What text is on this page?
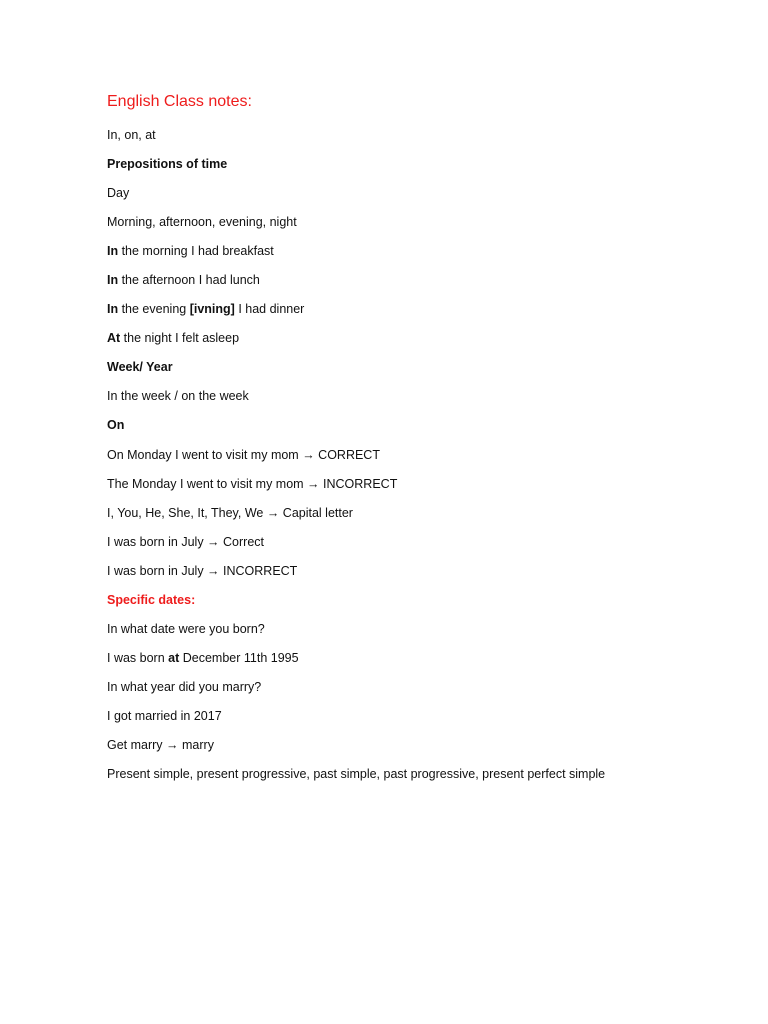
English Class notes:
In, on, at
Prepositions of time
Day
Morning, afternoon, evening, night
In the morning I had breakfast
In the afternoon I had lunch
In the evening [ivning] I had dinner
At the night I felt asleep
Week/ Year
In the week / on the week
On
On Monday I went to visit my mom → CORRECT
The Monday I went to visit my mom → INCORRECT
I, You, He, She, It, They, We → Capital letter
I was born in July → Correct
I was born in July → INCORRECT
Specific dates:
In what date were you born?
I was born at December 11th 1995
In what year did you marry?
I got married in 2017
Get marry → marry
Present simple, present progressive, past simple, past progressive, present perfect simple
